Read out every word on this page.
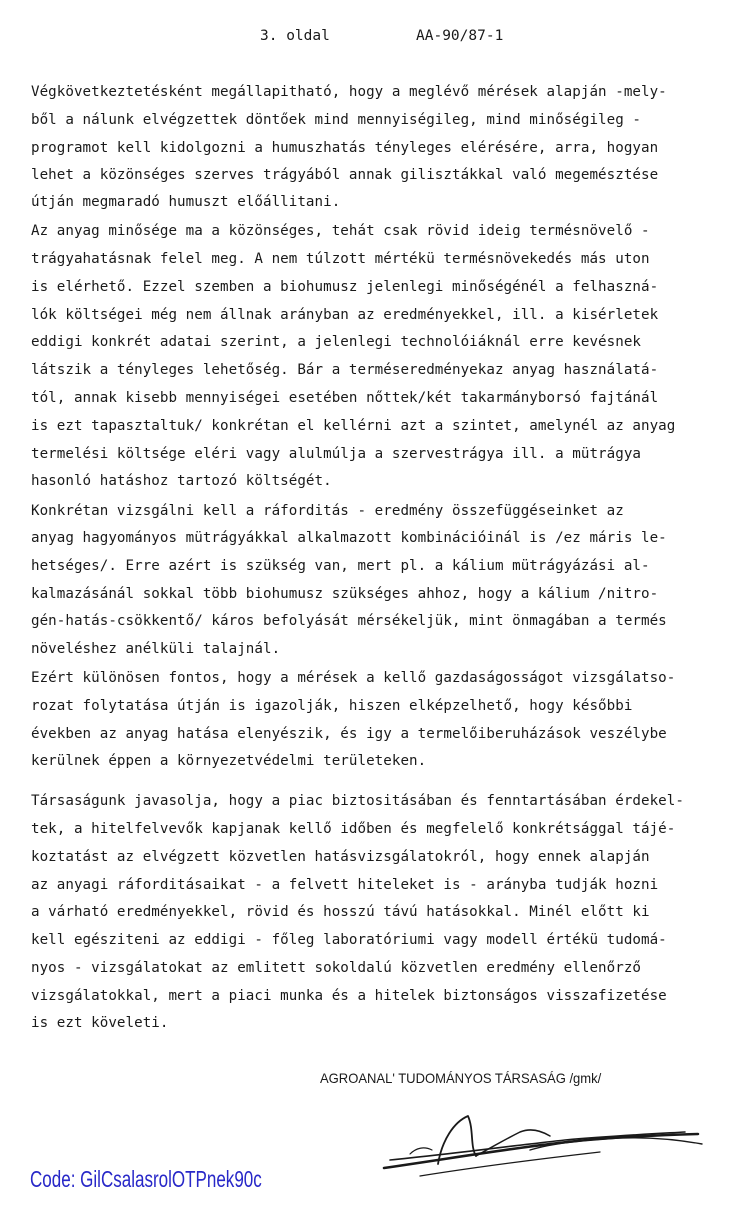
3. oldal	AA-90/87-1
Végkövetkeztetésként megállapitható, hogy a meglévő mérések alapján -mely-
ből a nálunk elvégzettek döntőek mind mennyiségileg, mind minőségileg -
programot kell kidolgozni a humuszhatás tényleges elérésére, arra, hogyan
lehet a közönséges szerves trágyából annak gilisztákkal való megemésztése
útján megmaradó humuszt előállitani.
Az anyag minősége ma a közönséges, tehát csak rövid ideig termésnövelő -
trágyahatásnak felel meg. A nem túlzott mértékü termésnövekedés más uton
is elérhető. Ezzel szemben a biohumusz jelenlegi minőségénél a felhaszná-
lók költségei még nem állnak arányban az eredményekkel, ill. a kisérletek
eddigi konkrét adatai szerint, a jelenlegi technolóiáknál erre kevésnek
látszik a tényleges lehetőség. Bár a terméseredményekaz anyag használatá-
tól, annak kisebb mennyiségei esetében nőttek/két takarmányborsó fajtánál
is ezt tapasztaltuk/ konkrétan el kellérni azt a szintet, amelynél az anyag
termelési költsége eléri vagy alulmúlja a szervestrágya ill. a mütrágya
hasonló hatáshoz tartozó költségét.
Konkrétan vizsgálni kell a ráforditás - eredmény összefüggéseinket az
anyag hagyományos mütrágyákkal alkalmazott kombinációinál is /ez máris le-
hetséges/. Erre azért is szükség van, mert pl. a kálium mütrágyázási al-
kalmazásánál sokkal több biohumusz szükséges ahhoz, hogy a kálium /nitro-
gén-hatás-csökkentő/ káros befolyását mérsékeljük, mint önmagában a termés
növeléshez anélküli talajnál.
Ezért különösen fontos, hogy a mérések a kellő gazdaságosságot vizsgálatso-
rozat folytatása útján is igazolják, hiszen elképzelhető, hogy későbbi
években az anyag hatása elenyészik, és igy a termelőiberuházások veszélybe
kerülnek éppen a környezetvédelmi területeken.
Társaságunk javasolja, hogy a piac biztositásában és fenntartásában érdekel-
tek, a hitelfelvevők kapjanak kellő időben és megfelelő konkrétsággal tájé-
koztatást az elvégzett közvetlen hatásvizsgálatokról, hogy ennek alapján
az anyagi ráforditásaikat - a felvett hiteleket is - arányba tudják hozni
a várható eredményekkel, rövid és hosszú távú hatásokkal. Minél előtt ki
kell egésziteni az eddigi - főleg laboratóriumi vagy modell értékü tudomá-
nyos - vizsgálatokat az emlitett sokoldalú közvetlen eredmény ellenőrző
vizsgálatokkal, mert a piaci munka és a hitelek biztonságos visszafizetése
is ezt köveleti.
AGROANAL' TUDOMÁNYOS TÁRSASÁG /gmk/
Code: GilCsalasrolOTPnek90c
